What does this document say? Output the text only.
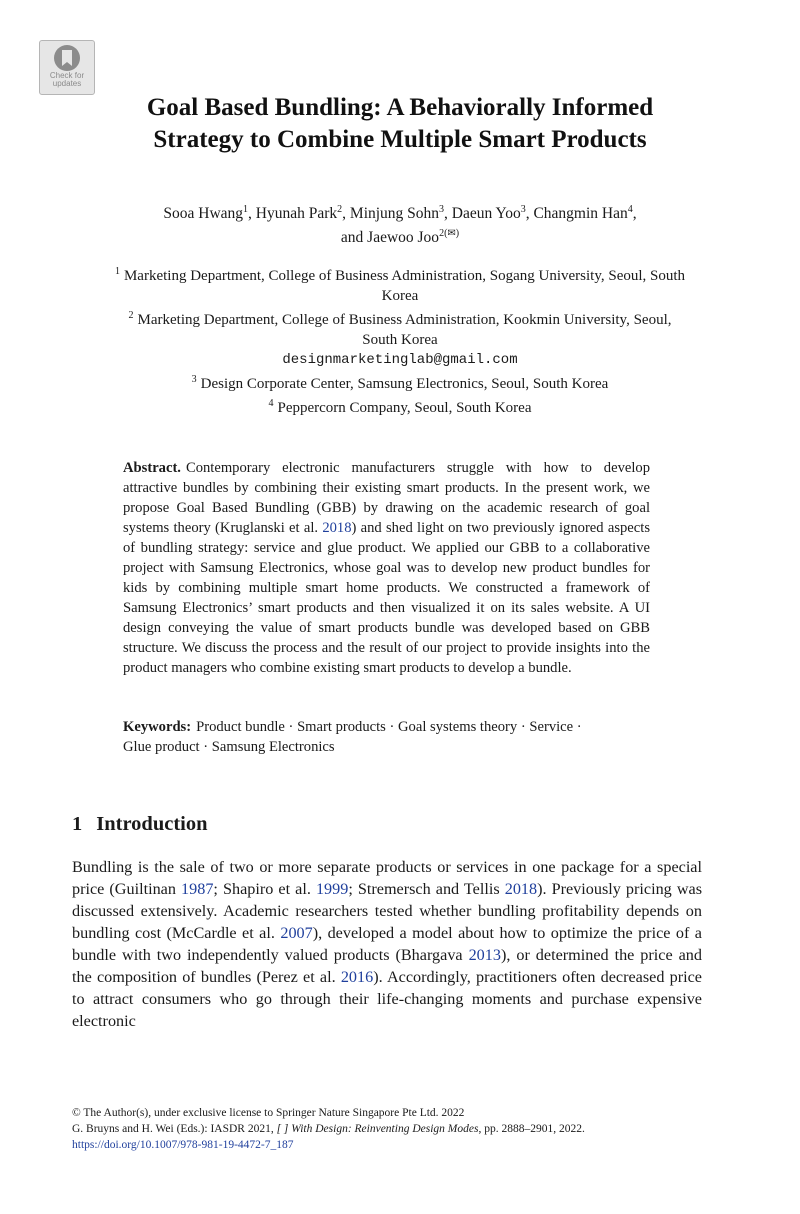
Check for
updates
Goal Based Bundling: A Behaviorally Informed
Strategy to Combine Multiple Smart Products
Sooa Hwang$^1$, Hyunah Park$^2$, Minjung Sohn$^3$, Daeun Yoo$^3$, Changmin Han$^4$,
and Jaewoo Joo$^{2(✉)}$
$^1$ Marketing Department, College of Business Administration, Sogang University, Seoul, South
Korea
$^2$ Marketing Department, College of Business Administration, Kookmin University, Seoul,
South Korea
designmarketinglab@gmail.com
$^3$ Design Corporate Center, Samsung Electronics, Seoul, South Korea
$^4$ Peppercorn Company, Seoul, South Korea
Abstract. Contemporary electronic manufacturers struggle with how to develop attractive bundles by combining their existing smart products. In the present work, we propose Goal Based Bundling (GBB) by drawing on the academic research of goal systems theory (Kruglanski et al. 2018) and shed light on two previously ignored aspects of bundling strategy: service and glue product. We applied our GBB to a collaborative project with Samsung Electronics, whose goal was to develop new product bundles for kids by combining multiple smart home products. We constructed a framework of Samsung Electronics’ smart products and then visualized it on its sales website. A UI design conveying the value of smart products bundle was developed based on GBB structure. We discuss the process and the result of our project to provide insights into the product managers who combine existing smart products to develop a bundle.
Keywords: Product bundle · Smart products · Goal systems theory · Service ·
Glue product · Samsung Electronics
1 Introduction

Bundling is the sale of two or more separate products or services in one package for a special price (Guiltinan 1987; Shapiro et al. 1999; Stremersch and Tellis 2018). Previously pricing was discussed extensively. Academic researchers tested whether bundling profitability depends on bundling cost (McCardle et al. 2007), developed a model about how to optimize the price of a bundle with two independently valued products (Bhargava 2013), or determined the price and the composition of bundles (Perez et al. 2016). Accordingly, practitioners often decreased price to attract consumers who go through their life-changing moments and purchase expensive electronic

© The Author(s), under exclusive license to Springer Nature Singapore Pte Ltd. 2022
G. Bruyns and H. Wei (Eds.): IASDR 2021, [ ] With Design: Reinventing Design Modes, pp. 2888–2901, 2022.
https://doi.org/10.1007/978-981-19-4472-7_187
